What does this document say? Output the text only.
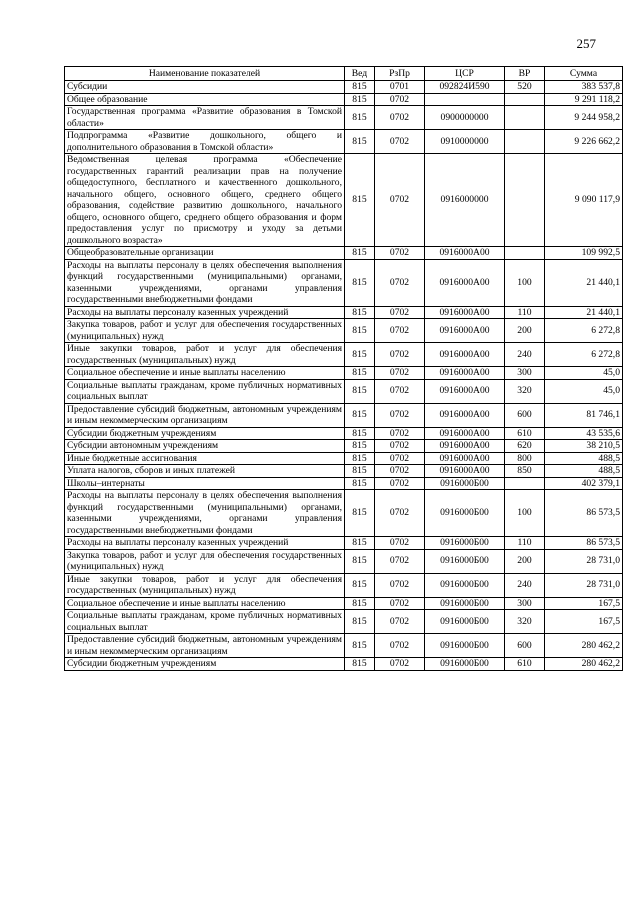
257
Наименование показателей	Вед	РзПр	ЦСР	ВР	Сумма
Субсидии	815	0701	092824И590	520	383 537,8
Общее образование	815	0702			9 291 118,2
Государственная программа «Развитие образования в Томской области»	815	0702	0900000000		9 244 958,2
Подпрограмма «Развитие дошкольного, общего и дополнительного образования в Томской области»	815	0702	0910000000		9 226 662,2
Ведомственная целевая программа «Обеспечение государственных гарантий реализации прав на получение общедоступного, бесплатного и качественного дошкольного, начального общего, основного общего, среднего общего образования, содействие развитию дошкольного, начального общего, основного общего, среднего общего образования и форм предоставления услуг по присмотру и уходу за детьми дошкольного возраста»	815	0702	0916000000		9 090 117,9
Общеобразовательные организации	815	0702	0916000А00		109 992,5
Расходы на выплаты персоналу в целях обеспечения выполнения функций государственными (муниципальными) органами, казенными учреждениями, органами управления государственными внебюджетными фондами	815	0702	0916000А00	100	21 440,1
Расходы на выплаты персоналу казенных учреждений	815	0702	0916000А00	110	21 440,1
Закупка товаров, работ и услуг для обеспечения государственных (муниципальных) нужд	815	0702	0916000А00	200	6 272,8
Иные закупки товаров, работ и услуг для обеспечения государственных (муниципальных) нужд	815	0702	0916000А00	240	6 272,8
Социальное обеспечение и иные выплаты населению	815	0702	0916000А00	300	45,0
Социальные выплаты гражданам, кроме публичных нормативных социальных выплат	815	0702	0916000А00	320	45,0
Предоставление субсидий бюджетным, автономным учреждениям и иным некоммерческим организациям	815	0702	0916000А00	600	81 746,1
Субсидии бюджетным учреждениям	815	0702	0916000А00	610	43 535,6
Субсидии автономным учреждениям	815	0702	0916000А00	620	38 210,5
Иные бюджетные ассигнования	815	0702	0916000А00	800	488,5
Уплата налогов, сборов и иных платежей	815	0702	0916000А00	850	488,5
Школы–интернаты	815	0702	0916000Б00		402 379,1
Расходы на выплаты персоналу в целях обеспечения выполнения функций государственными (муниципальными) органами, казенными учреждениями, органами управления государственными внебюджетными фондами	815	0702	0916000Б00	100	86 573,5
Расходы на выплаты персоналу казенных учреждений	815	0702	0916000Б00	110	86 573,5
Закупка товаров, работ и услуг для обеспечения государственных (муниципальных) нужд	815	0702	0916000Б00	200	28 731,0
Иные закупки товаров, работ и услуг для обеспечения государственных (муниципальных) нужд	815	0702	0916000Б00	240	28 731,0
Социальное обеспечение и иные выплаты населению	815	0702	0916000Б00	300	167,5
Социальные выплаты гражданам, кроме публичных нормативных социальных выплат	815	0702	0916000Б00	320	167,5
Предоставление субсидий бюджетным, автономным учреждениям и иным некоммерческим организациям	815	0702	0916000Б00	600	280 462,2
Субсидии бюджетным учреждениям	815	0702	0916000Б00	610	280 462,2
